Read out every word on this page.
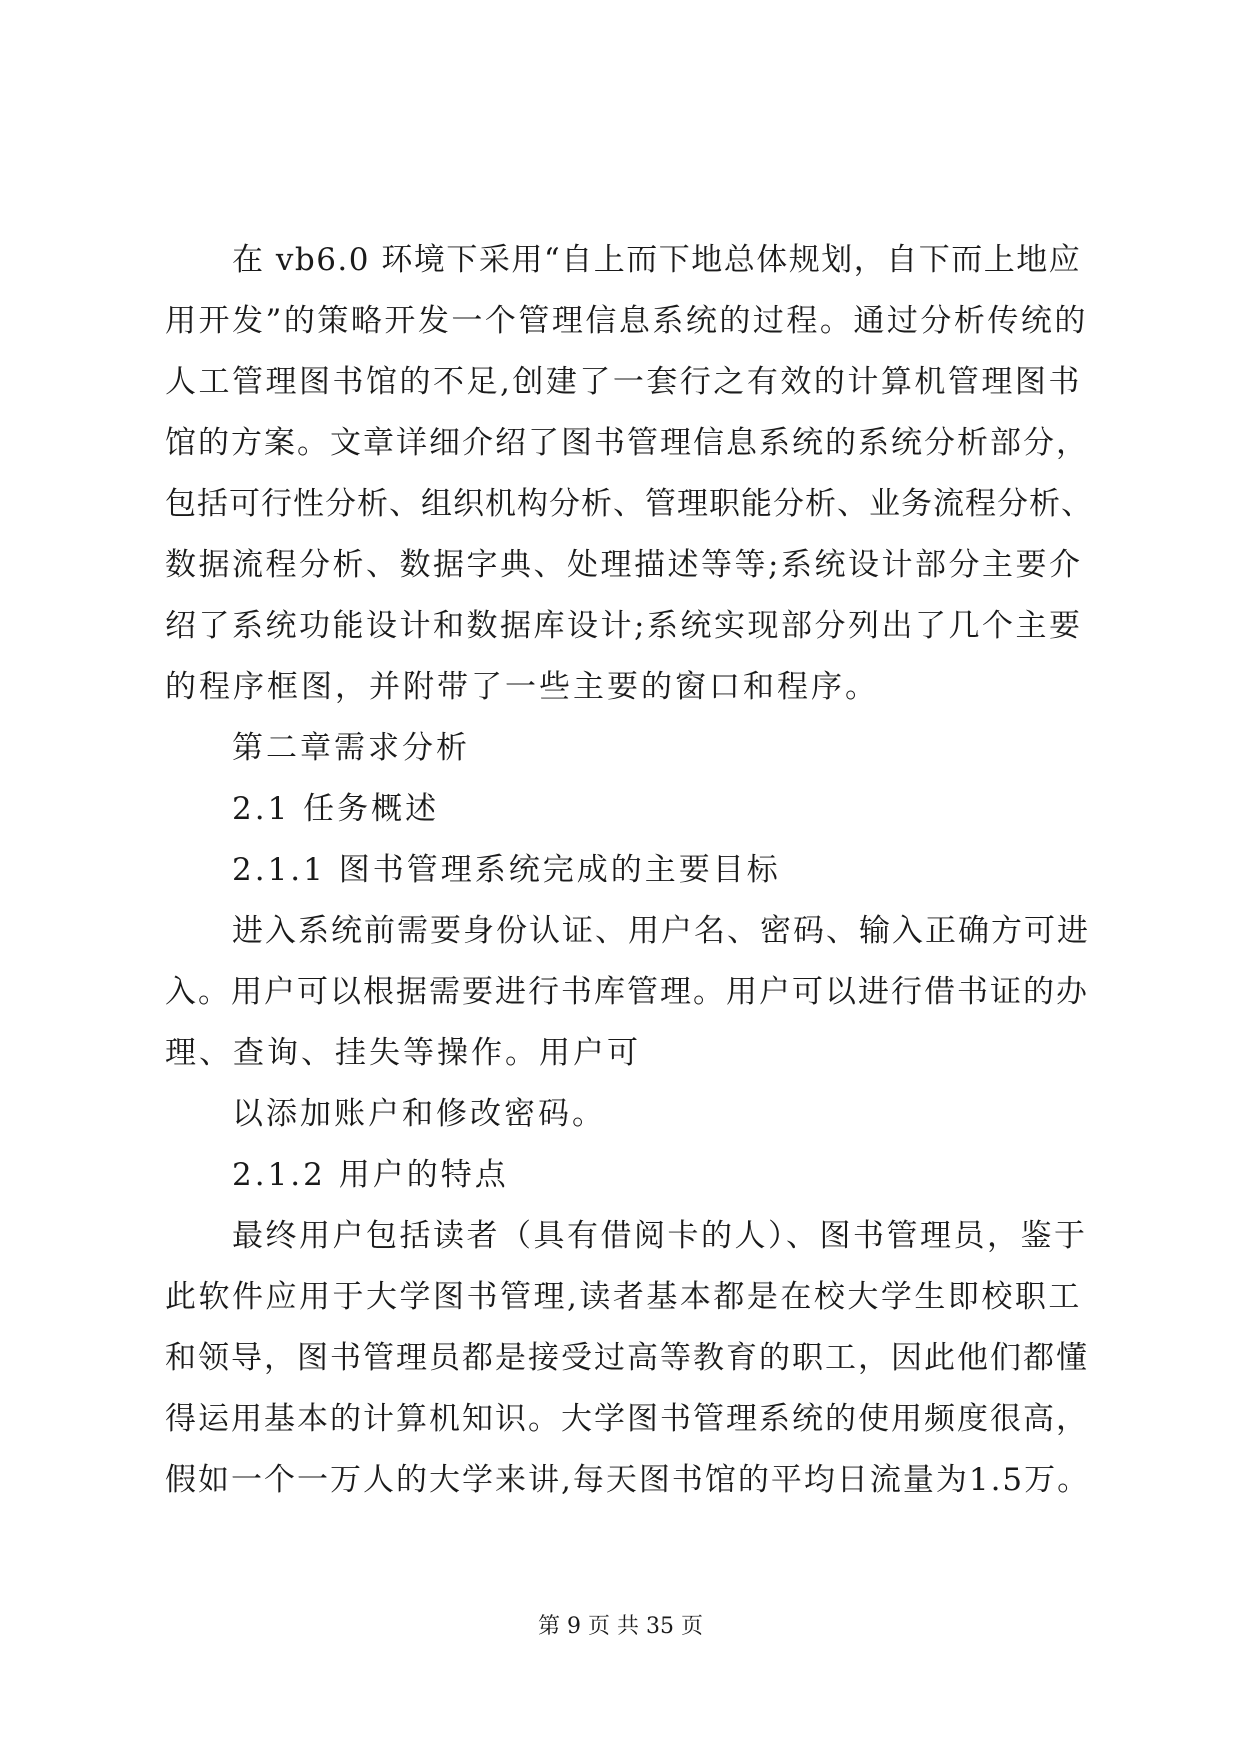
在 vb6.0 环境下采用“自上而下地总体规划，自下而上地应
用开发”的策略开发一个管理信息系统的过程。通过分析传统的
人工管理图书馆的不足,创建了一套行之有效的计算机管理图书
馆的方案。文章详细介绍了图书管理信息系统的系统分析部分，
包括可行性分析、组织机构分析、管理职能分析、业务流程分析、
数据流程分析、数据字典、处理描述等等;系统设计部分主要介
绍了系统功能设计和数据库设计;系统实现部分列出了几个主要
的程序框图，并附带了一些主要的窗口和程序。
第二章需求分析
2.1 任务概述
2.1.1 图书管理系统完成的主要目标
进入系统前需要身份认证、用户名、密码、输入正确方可进
入。用户可以根据需要进行书库管理。用户可以进行借书证的办
理、查询、挂失等操作。用户可
以添加账户和修改密码。
2.1.2 用户的特点
最终用户包括读者（具有借阅卡的人）、图书管理员，鉴于
此软件应用于大学图书管理,读者基本都是在校大学生即校职工
和领导，图书管理员都是接受过高等教育的职工，因此他们都懂
得运用基本的计算机知识。大学图书管理系统的使用频度很高，
假如一个一万人的大学来讲,每天图书馆的平均日流量为1.5万。
第 9 页 共 35 页
